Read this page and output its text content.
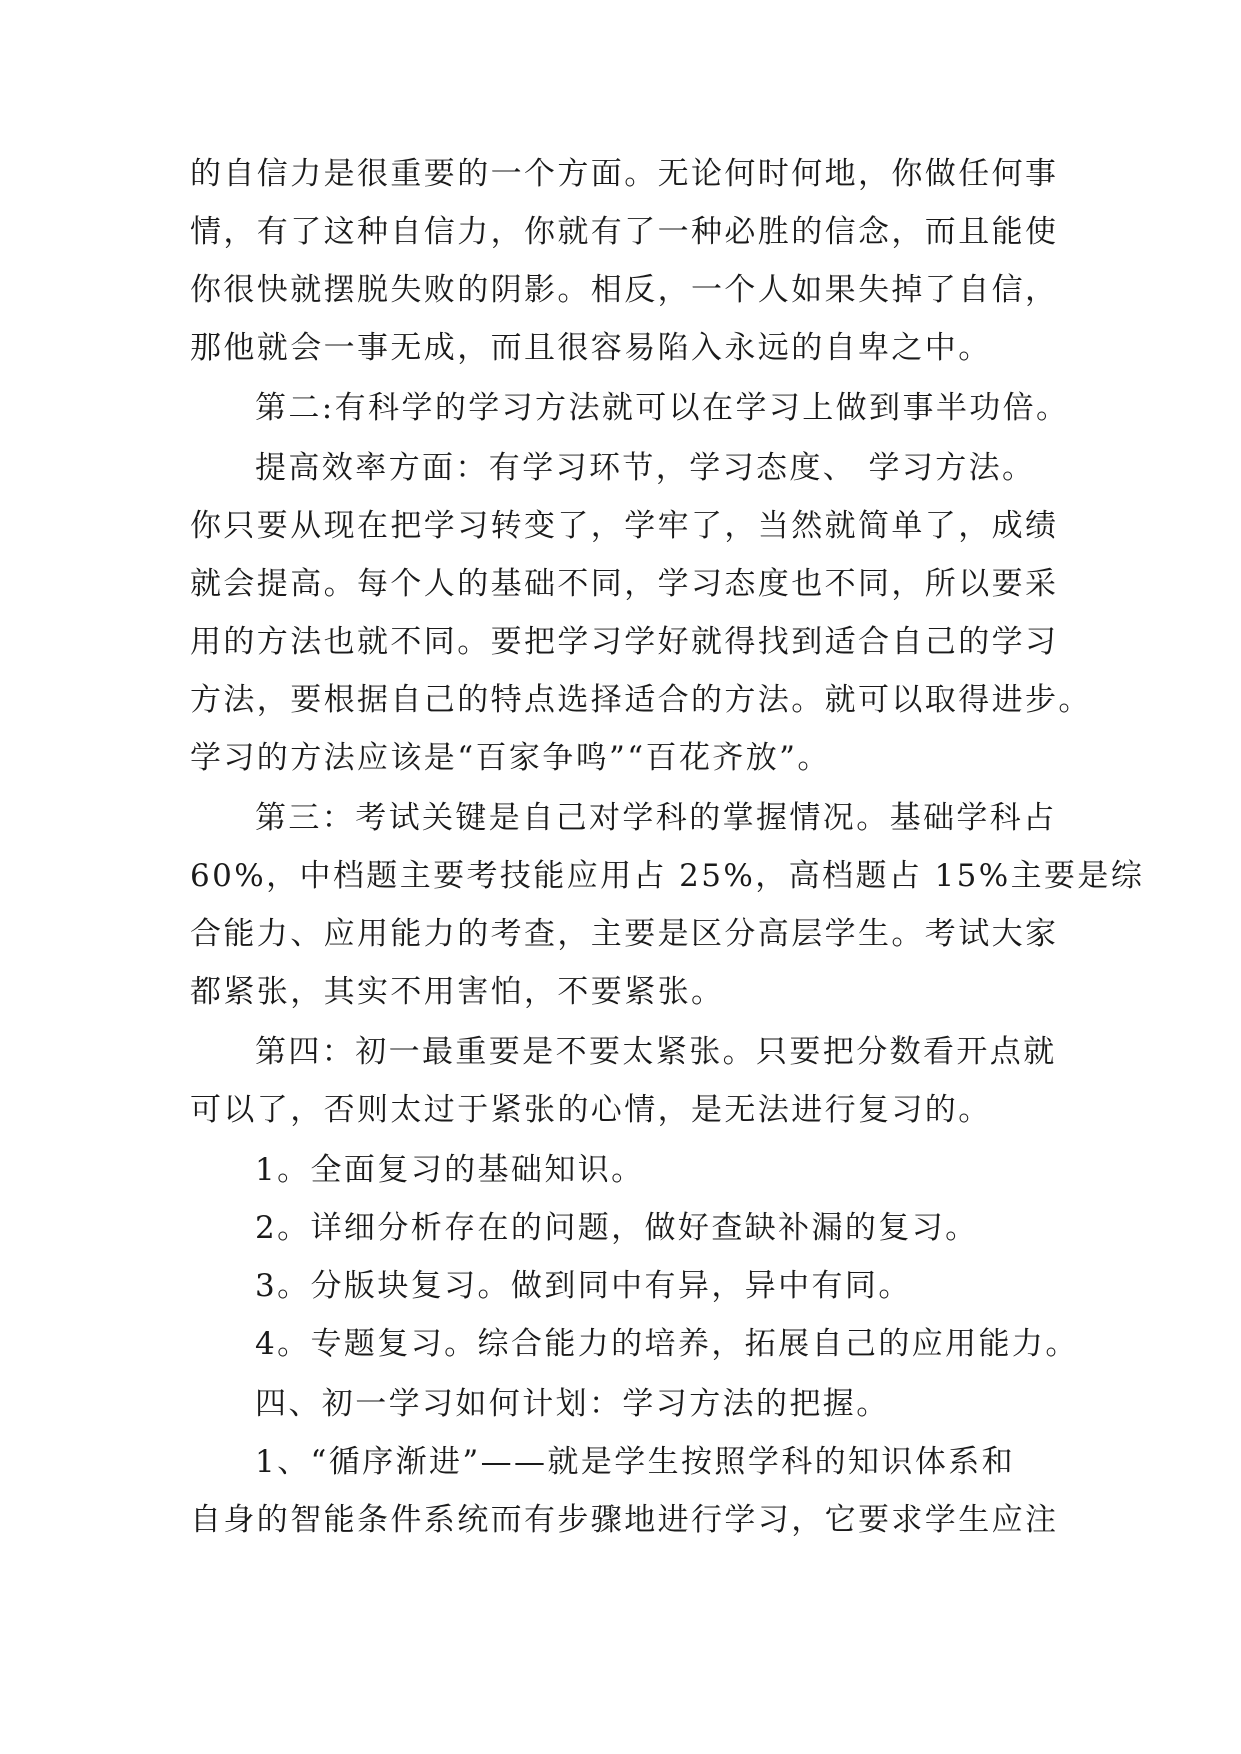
的自信力是很重要的一个方面。无论何时何地，你做任何事
情，有了这种自信力，你就有了一种必胜的信念，而且能使
你很快就摆脱失败的阴影。相反，一个人如果失掉了自信，
那他就会一事无成，而且很容易陷入永远的自卑之中。
第二:有科学的学习方法就可以在学习上做到事半功倍。
提高效率方面：有学习环节，学习态度、 学习方法。
你只要从现在把学习转变了，学牢了，当然就简单了，成绩
就会提高。每个人的基础不同，学习态度也不同，所以要采
用的方法也就不同。要把学习学好就得找到适合自己的学习
方法，要根据自己的特点选择适合的方法。就可以取得进步。
学习的方法应该是“百家争鸣”“百花齐放”。
第三：考试关键是自己对学科的掌握情况。基础学科占
60%，中档题主要考技能应用占 25%，高档题占 15%主要是综
合能力、应用能力的考查，主要是区分高层学生。考试大家
都紧张，其实不用害怕，不要紧张。
第四：初一最重要是不要太紧张。只要把分数看开点就
可以了，否则太过于紧张的心情，是无法进行复习的。
1。全面复习的基础知识。
2。详细分析存在的问题，做好查缺补漏的复习。
3。分版块复习。做到同中有异，异中有同。
4。专题复习。综合能力的培养，拓展自己的应用能力。
四、初一学习如何计划：学习方法的把握。
1、“循序渐进”——就是学生按照学科的知识体系和
自身的智能条件系统而有步骤地进行学习，它要求学生应注
